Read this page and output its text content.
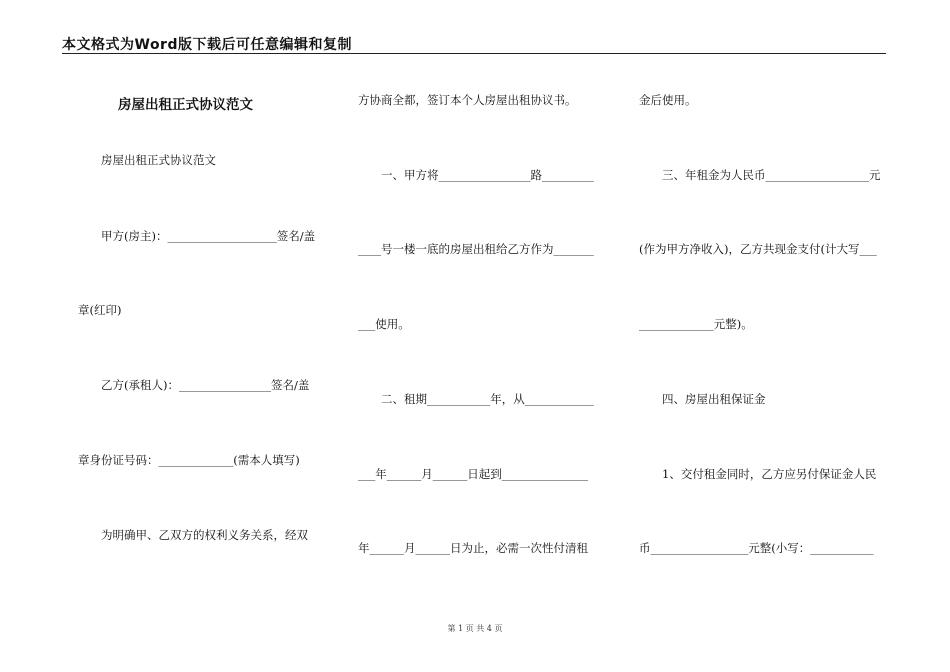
本文格式为Word版下载后可任意编辑和复制
房屋出租正式协议范文
房屋出租正式协议范文
甲方(房主)：___________________签名/盖
章(红印)
乙方(承租人)：________________签名/盖
章身份证号码：_____________(需本人填写)
为明确甲、乙双方的权利义务关系，经双
方协商全都，签订本个人房屋出租协议书。
一、甲方将________________路_________
____号一楼一底的房屋出租给乙方作为_______
___使用。
二、租期___________年，从____________
___年______月______日起到_______________
年______月______日为止，必需一次性付清租
金后使用。
三、年租金为人民币__________________元
(作为甲方净收入)，乙方共现金支付(计大写___
_____________元整)。
四、房屋出租保证金
1、交付租金同时，乙方应另付保证金人民
币_________________元整(小写：___________
第 1 页 共 4 页
